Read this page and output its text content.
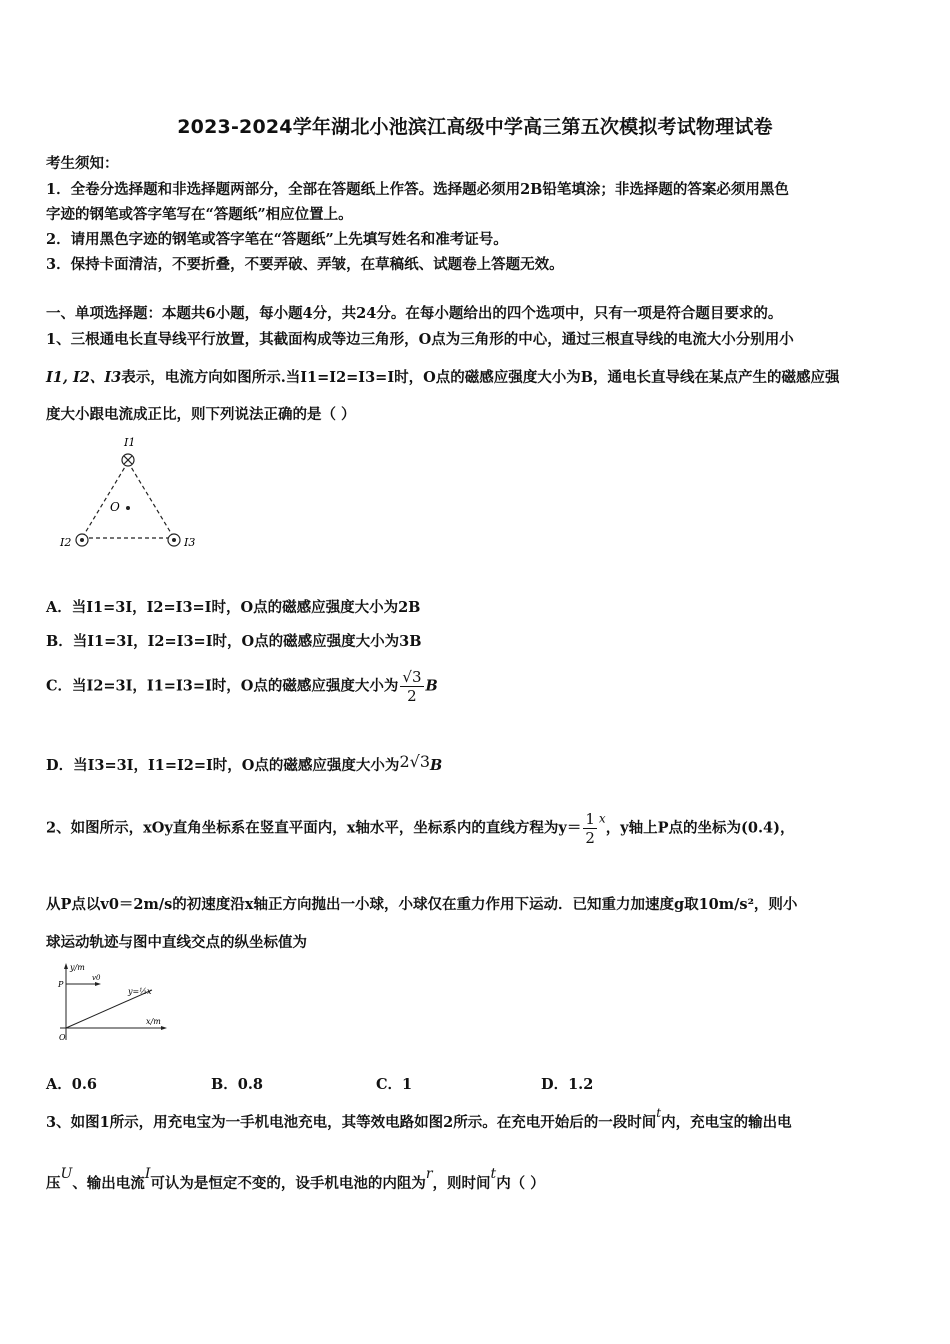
2023-2024学年湖北小池滨江高级中学高三第五次模拟考试物理试卷
考生须知：
1．全卷分选择题和非选择题两部分，全部在答题纸上作答。选择题必须用2B铅笔填涂；非选择题的答案必须用黑色
字迹的钢笔或答字笔写在“答题纸”相应位置上。
2．请用黑色字迹的钢笔或答字笔在“答题纸”上先填写姓名和准考证号。
3．保持卡面清洁，不要折叠，不要弄破、弄皱，在草稿纸、试题卷上答题无效。
一、单项选择题：本题共6小题，每小题4分，共24分。在每小题给出的四个选项中，只有一项是符合题目要求的。
1、三根通电长直导线平行放置，其截面构成等边三角形，O点为三角形的中心，通过三根直导线的电流大小分别用小
I1, I2、I3表示，电流方向如图所示.当I1=I2=I3=I时，O点的磁感应强度大小为B，通电长直导线在某点产生的磁感应强
度大小跟电流成正比，则下列说法正确的是（ ）
I1
I2	I3
O
A．当I1=3I，I2=I3=I时，O点的磁感应强度大小为2B
B．当I1=3I，I2=I3=I时，O点的磁感应强度大小为3B
C．当I2=3I，I1=I3=I时，O点的磁感应强度大小为 $\frac{√3}{2}$ B
D．当I3=3I，I1=I2=I时，O点的磁感应强度大小为2√3B
2、如图所示，xOy直角坐标系在竖直平面内，x轴水平，坐标系内的直线方程为$y= \frac{1}{2} ^x$，y轴上P点的坐标为(0.4)，
从P点以v0＝2m/s的初速度沿x轴正方向抛出一小球，小球仅在重力作用下运动．已知重力加速度g取10m/s²，则小
球运动轨迹与图中直线交点的纵坐标值为
y/m
x/m
P
O
v0
y=½x
A．0.6	B．0.8	C．1	D．1.2
3、如图1所示，用充电宝为一手机电池充电，其等效电路如图2所示。在充电开始后的一段时间$^t$内，充电宝的输出电
压U、输出电流I可认为是恒定不变的，设手机电池的内阻为r，则时间t内（ ）
